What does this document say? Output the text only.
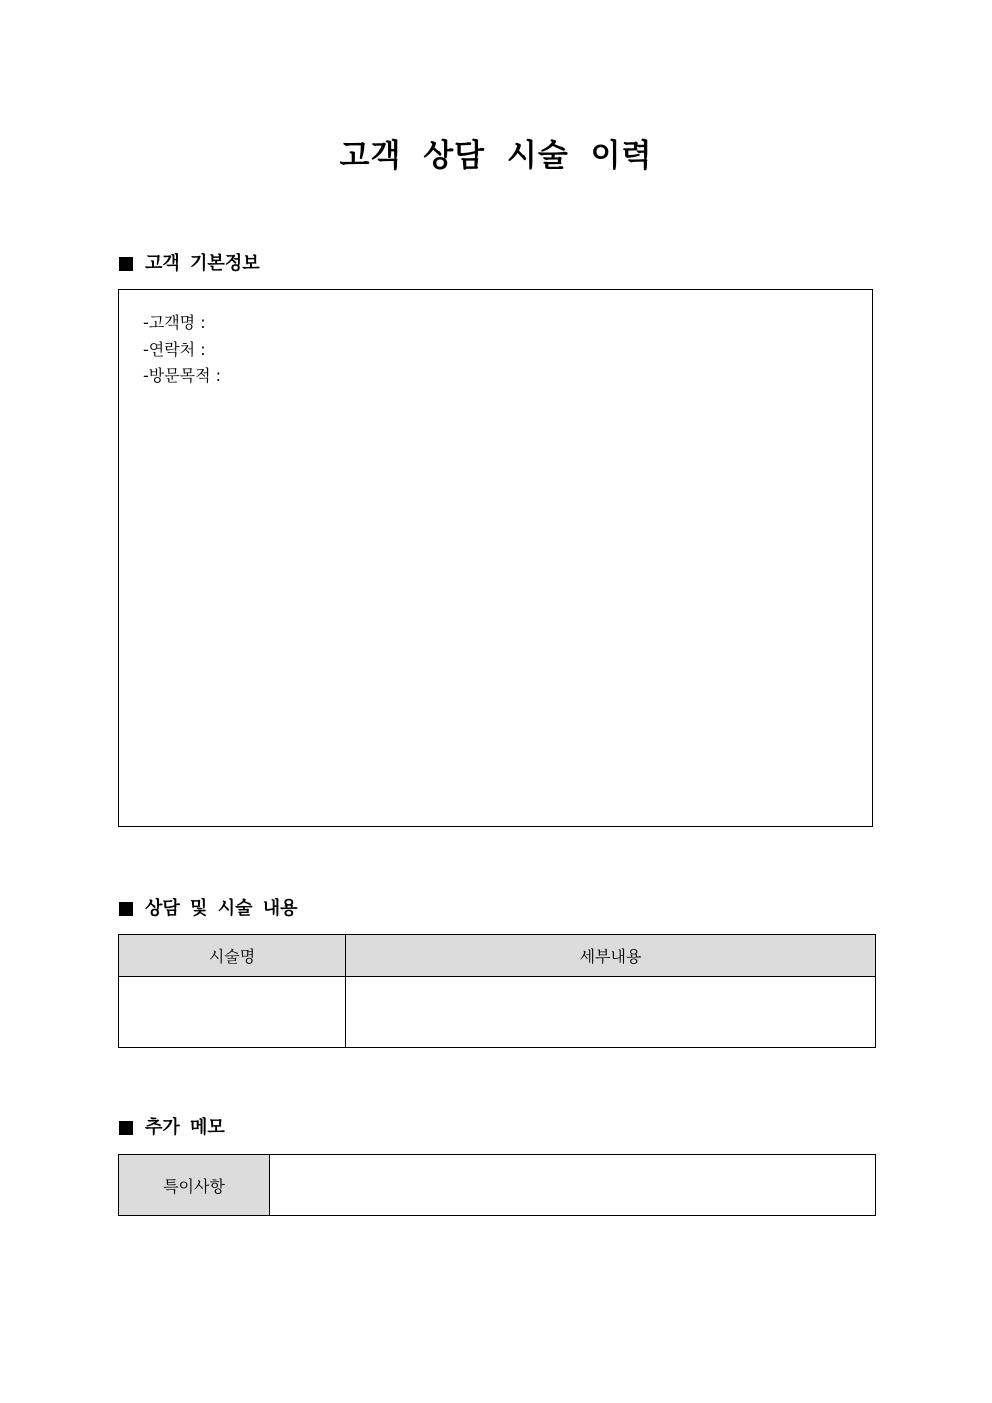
고객 상담 시술 이력
고객 기본정보
-고객명 :
-연락처 :
-방문목적 :
상담 및 시술 내용
시술명	세부내용

추가 메모
특이사항	
